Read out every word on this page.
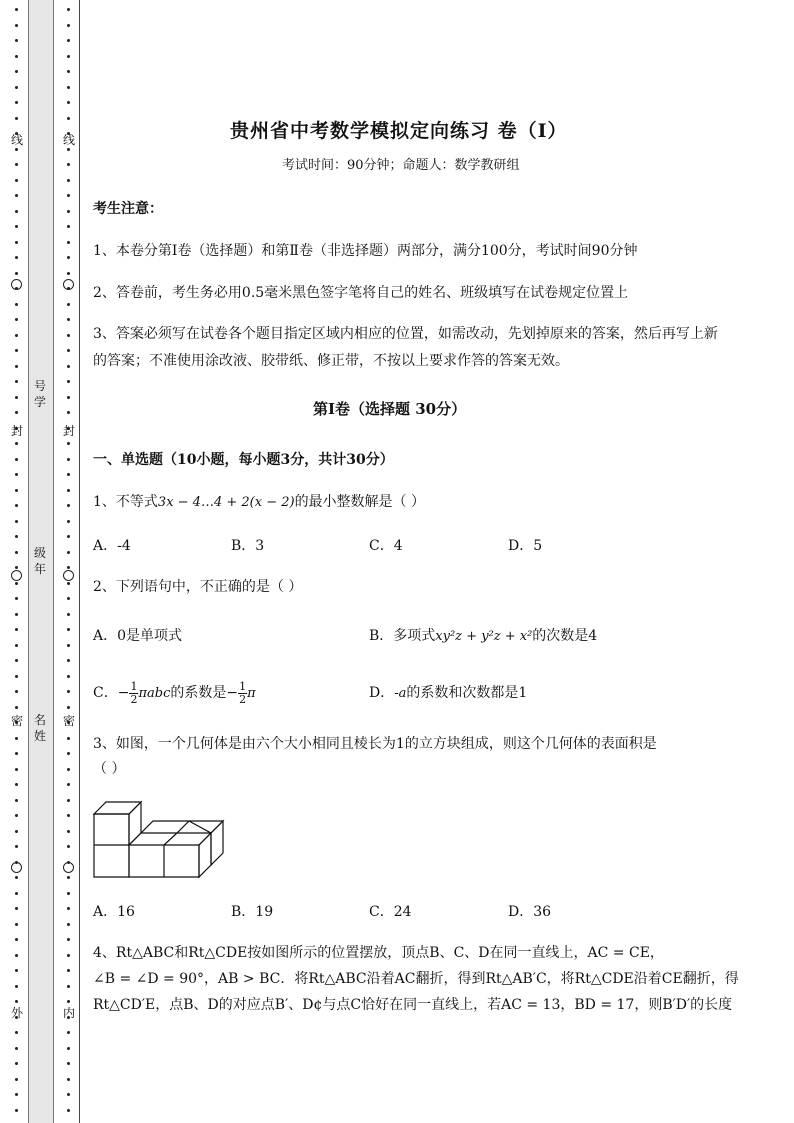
线
封
密
外
线
封
密
内
号学
级年
名姓
贵州省中考数学模拟定向练习 卷（Ⅰ）
考试时间：90分钟；命题人：数学教研组
考生注意：
1、本卷分第Ⅰ卷（选择题）和第Ⅱ卷（非选择题）两部分，满分100分，考试时间90分钟
2、答卷前，考生务必用0.5毫米黑色签字笔将自己的姓名、班级填写在试卷规定位置上
3、答案必须写在试卷各个题目指定区域内相应的位置，如需改动，先划掉原来的答案，然后再写上新
的答案；不准使用涂改液、胶带纸、修正带，不按以上要求作答的答案无效。
第Ⅰ卷（选择题 30分）
一、单选题（10小题，每小题3分，共计30分）
1、不等式3x − 4…4 + 2(x − 2)的最小整数解是（ ）
A．-4	B．3	C．4	D．5
2、下列语句中，不正确的是（ ）
A．0是单项式	B．多项式xy²z + y²z + x²的次数是4
C．− $\frac{1}{2}$ πabc的系数是− $\frac{1}{2}$ π	D．-a的系数和次数都是1
3、如图，一个几何体是由六个大小相同且棱长为1的立方块组成，则这个几何体的表面积是
（ ）
A．16	B．19	C．24	D．36
4、Rt△ABC和Rt△CDE按如图所示的位置摆放，顶点B、C、D在同一直线上，AC = CE，
∠B = ∠D = 90°，AB > BC．将Rt△ABC沿着AC翻折，得到Rt△AB′C，将Rt△CDE沿着CE翻折，得
Rt△CD′E，点B、D的对应点B′、D¢与点C恰好在同一直线上，若AC = 13，BD = 17，则B′D′的长度
